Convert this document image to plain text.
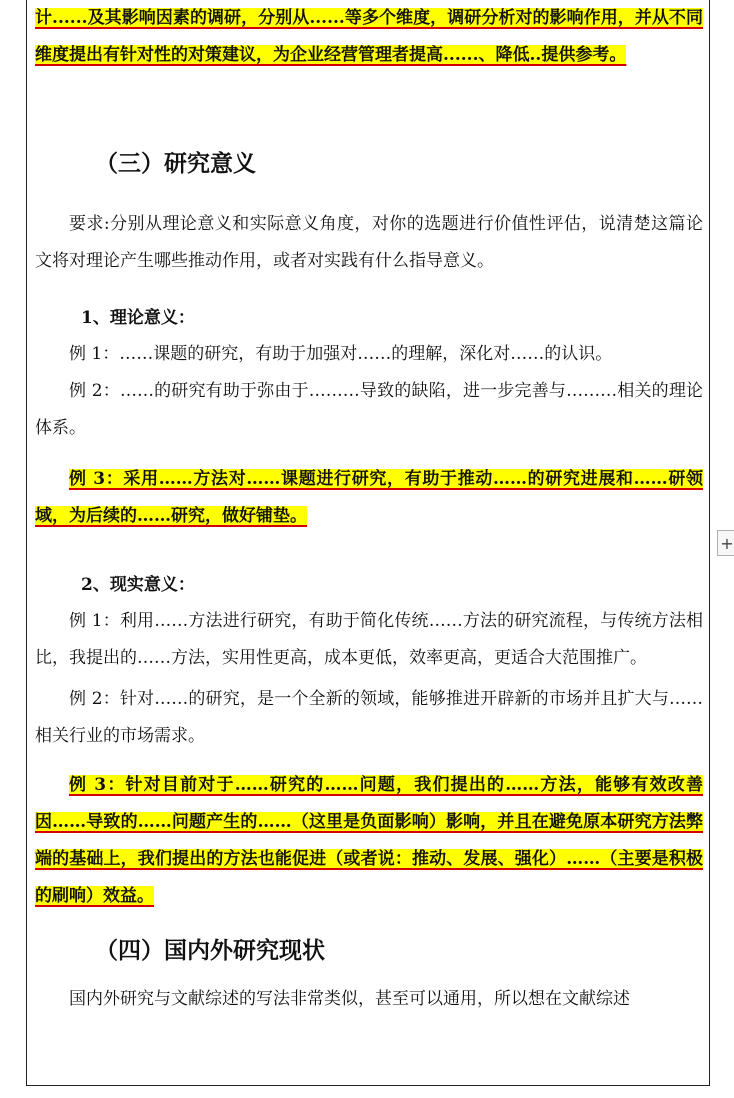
计......及其影响因素的调研，分别从......等多个维度，调研分析对的影响作用，并从不同维度提出有针对性的对策建议，为企业经营管理者提高......、降低..提供参考。

（三）研究意义

要求:分别从理论意义和实际意义角度，对你的选题进行价值性评估，说清楚这篇论文将对理论产生哪些推动作用，或者对实践有什么指导意义。

1、理论意义：

例 1：……课题的研究，有助于加强对……的理解，深化对……的认识。

例 2：……的研究有助于弥由于………导致的缺陷，进一步完善与………相关的理论体系。

例 3：采用……方法对……课题进行研究，有助于推动……的研究进展和……研领域，为后续的……研究，做好铺垫。

2、现实意义：

例 1：利用……方法进行研究，有助于简化传统……方法的研究流程，与传统方法相比，我提出的……方法，实用性更高，成本更低，效率更高，更适合大范围推广。

例 2：针对……的研究，是一个全新的领域，能够推进开辟新的市场并且扩大与……相关行业的市场需求。

例 3：针对目前对于……研究的……问题，我们提出的……方法，能够有效改善因……导致的……问题产生的……（这里是负面影响）影响，并且在避免原本研究方法弊端的基础上，我们提出的方法也能促进（或者说：推动、发展、强化）……（主要是积极的刷响）效益。

（四）国内外研究现状

国内外研究与文献综述的写法非常类似，甚至可以通用，所以想在文献综述

+
